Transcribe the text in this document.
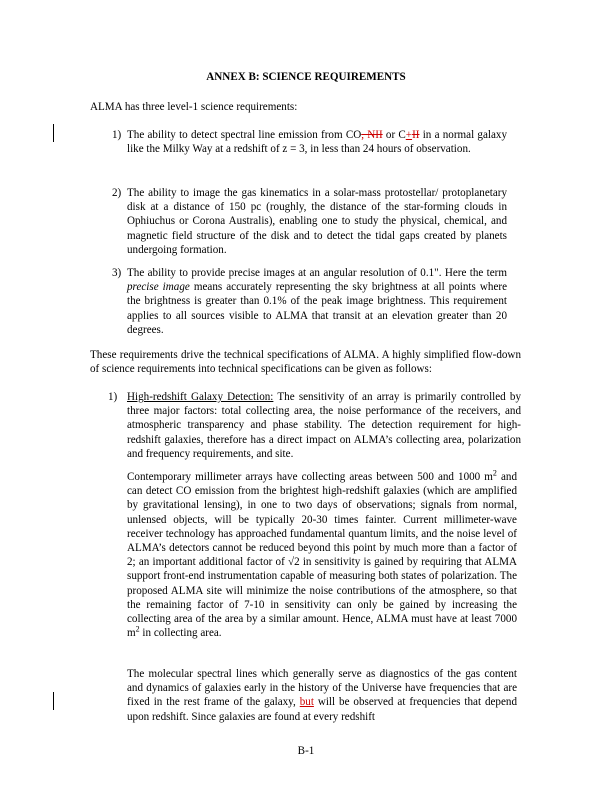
ANNEX B: SCIENCE REQUIREMENTS
ALMA has three level-1 science requirements:
1) The ability to detect spectral line emission from CO, NII or C+II in a normal galaxy like the Milky Way at a redshift of z = 3, in less than 24 hours of observation.
2) The ability to image the gas kinematics in a solar-mass protostellar/ protoplanetary disk at a distance of 150 pc (roughly, the distance of the star-forming clouds in Ophiuchus or Corona Australis), enabling one to study the physical, chemical, and magnetic field structure of the disk and to detect the tidal gaps created by planets undergoing formation.
3) The ability to provide precise images at an angular resolution of 0.1". Here the term precise image means accurately representing the sky brightness at all points where the brightness is greater than 0.1% of the peak image brightness. This requirement applies to all sources visible to ALMA that transit at an elevation greater than 20 degrees.
These requirements drive the technical specifications of ALMA. A highly simplified flow-down of science requirements into technical specifications can be given as follows:
1) High-redshift Galaxy Detection: The sensitivity of an array is primarily controlled by three major factors: total collecting area, the noise performance of the receivers, and atmospheric transparency and phase stability. The detection requirement for high-redshift galaxies, therefore has a direct impact on ALMA’s collecting area, polarization and frequency requirements, and site.
Contemporary millimeter arrays have collecting areas between 500 and 1000 $m^2$ and can detect CO emission from the brightest high-redshift galaxies (which are amplified by gravitational lensing), in one to two days of observations; signals from normal, unlensed objects, will be typically 20-30 times fainter. Current millimeter-wave receiver technology has approached fundamental quantum limits, and the noise level of ALMA’s detectors cannot be reduced beyond this point by much more than a factor of 2; an important additional factor of √2 in sensitivity is gained by requiring that ALMA support front-end instrumentation capable of measuring both states of polarization. The proposed ALMA site will minimize the noise contributions of the atmosphere, so that the remaining factor of 7-10 in sensitivity can only be gained by increasing the collecting area of the area by a similar amount. Hence, ALMA must have at least 7000 $m^2$ in collecting area.
The molecular spectral lines which generally serve as diagnostics of the gas content and dynamics of galaxies early in the history of the Universe have frequencies that are fixed in the rest frame of the galaxy, but will be observed at frequencies that depend upon redshift. Since galaxies are found at every redshift
B-1
